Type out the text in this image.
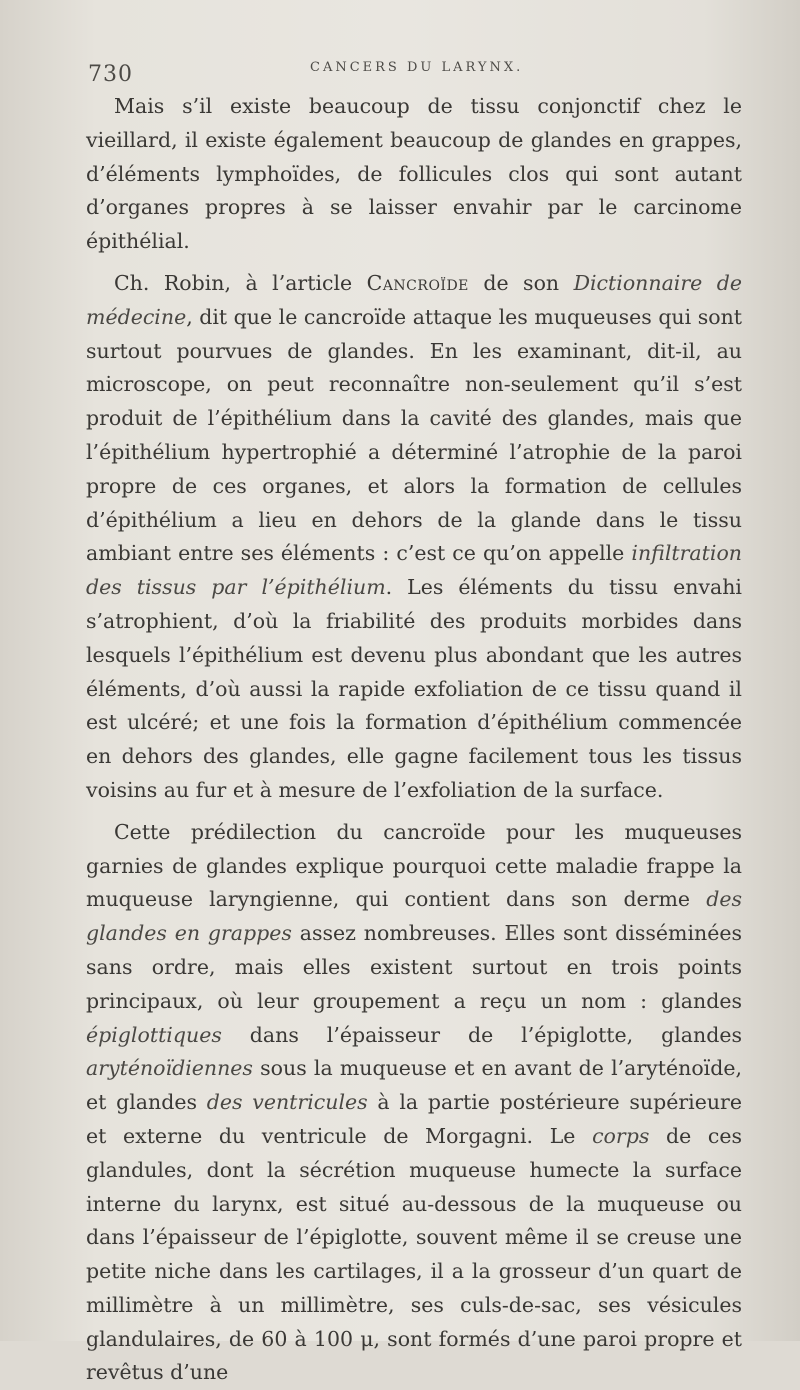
730	CANCERS DU LARYNX.

Mais s’il existe beaucoup de tissu conjonctif chez le vieillard, il existe également beaucoup de glandes en grappes, d’éléments lymphoïdes, de follicules clos qui sont autant d’organes propres à se laisser envahir par le carcinome épithélial.

Ch. Robin, à l’article Cancroïde de son Dictionnaire de médecine, dit que le cancroïde attaque les muqueuses qui sont surtout pourvues de glandes. En les examinant, dit-il, au microscope, on peut reconnaître non-seulement qu’il s’est produit de l’épithélium dans la cavité des glandes, mais que l’épithélium hypertrophié a déterminé l’atrophie de la paroi propre de ces organes, et alors la formation de cellules d’épithélium a lieu en dehors de la glande dans le tissu ambiant entre ses éléments : c’est ce qu’on appelle infiltration des tissus par l’épithélium. Les éléments du tissu envahi s’atrophient, d’où la friabilité des produits morbides dans lesquels l’épithélium est devenu plus abondant que les autres éléments, d’où aussi la rapide exfoliation de ce tissu quand il est ulcéré; et une fois la formation d’épithélium commencée en dehors des glandes, elle gagne facilement tous les tissus voisins au fur et à mesure de l’exfoliation de la surface.

Cette prédilection du cancroïde pour les muqueuses garnies de glandes explique pourquoi cette maladie frappe la muqueuse laryngienne, qui contient dans son derme des glandes en grappes assez nombreuses. Elles sont disséminées sans ordre, mais elles existent surtout en trois points principaux, où leur groupement a reçu un nom : glandes épiglottiques dans l’épaisseur de l’épiglotte, glandes aryténoïdiennes sous la muqueuse et en avant de l’aryténoïde, et glandes des ventricules à la partie postérieure supérieure et externe du ventricule de Morgagni. Le corps de ces glandules, dont la sécrétion muqueuse humecte la surface interne du larynx, est situé au-dessous de la muqueuse ou dans l’épaisseur de l’épiglotte, souvent même il se creuse une petite niche dans les cartilages, il a la grosseur d’un quart de millimètre à un millimètre, ses culs-de-sac, ses vésicules glandulaires, de 60 à 100 μ, sont formés d’une paroi propre et revêtus d’une
